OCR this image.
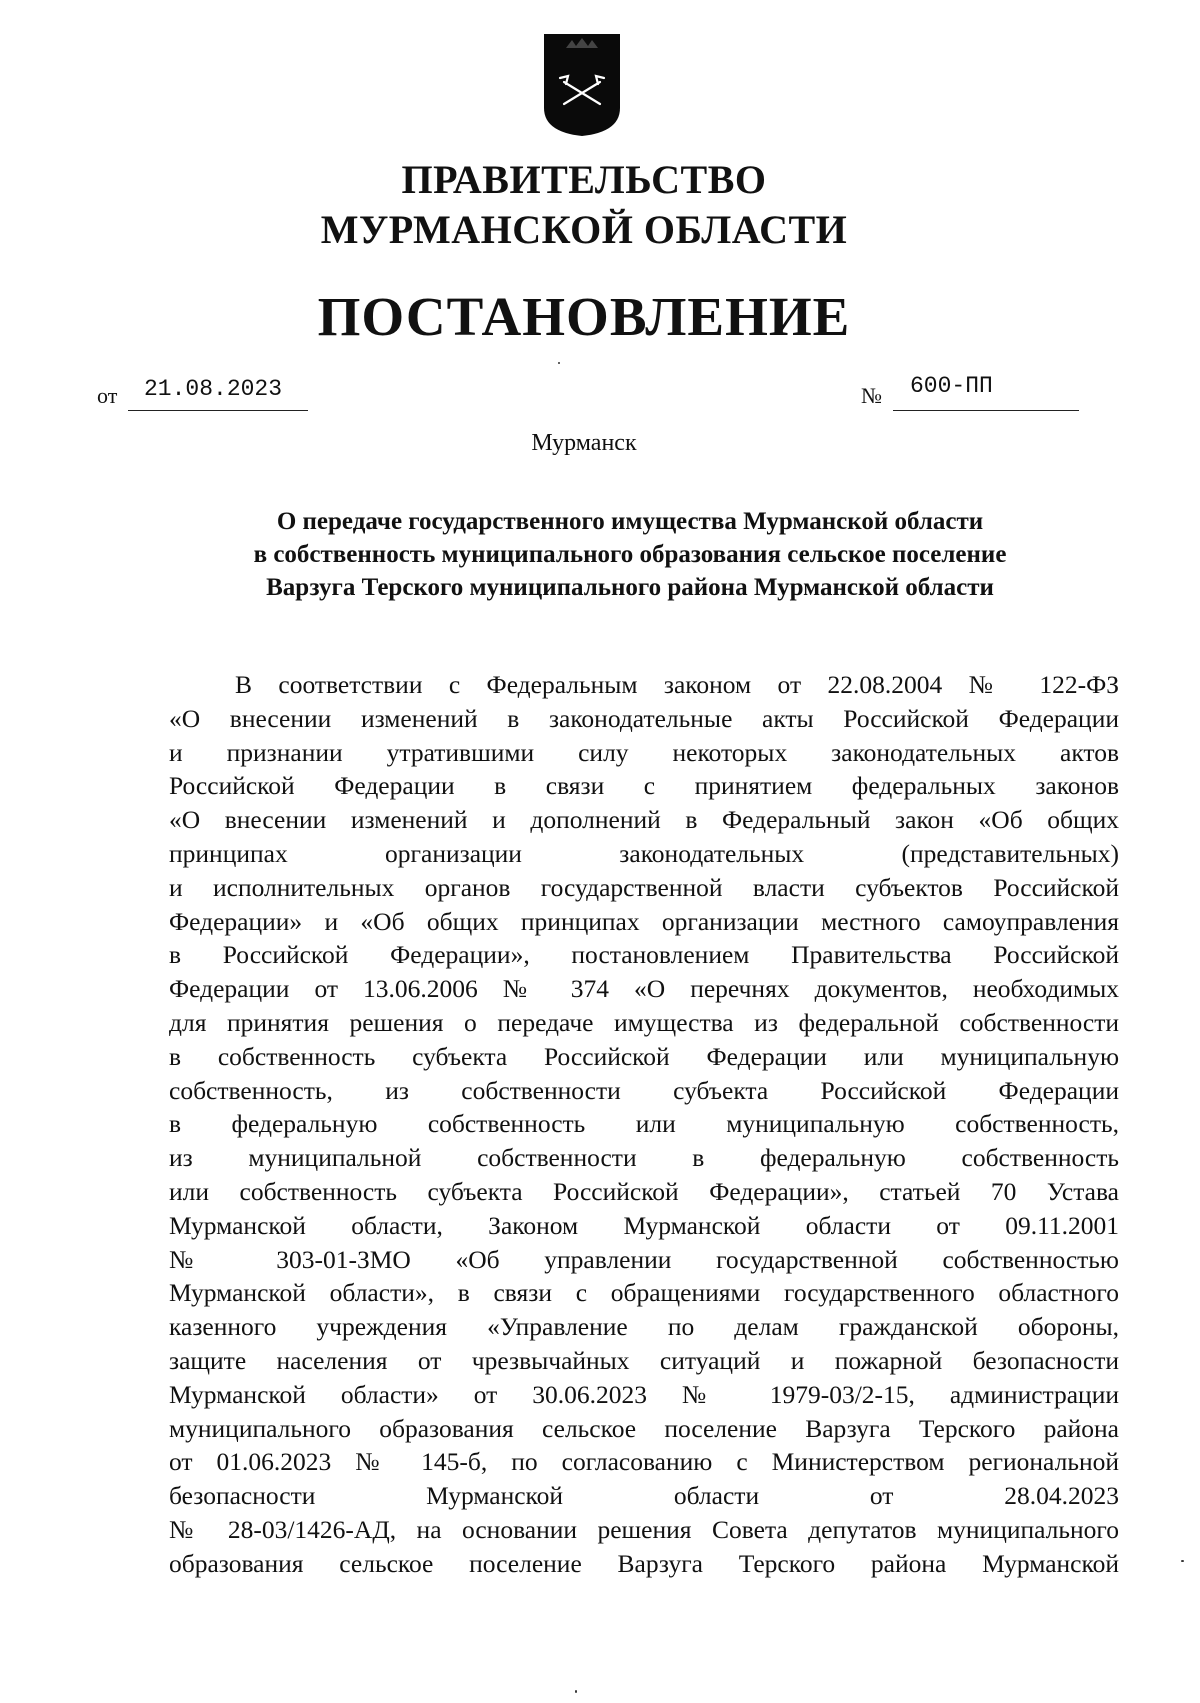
ПРАВИТЕЛЬСТВО
МУРМАНСКОЙ ОБЛАСТИ
ПОСТАНОВЛЕНИЕ
от 21.08.2023	№ 600-ПП
Мурманск
О передаче государственного имущества Мурманской области
в собственность муниципального образования сельское поселение
Варзуга Терского муниципального района Мурманской области
В соответствии с Федеральным законом от 22.08.2004 № 122-ФЗ
«О внесении изменений в законодательные акты Российской Федерации
и признании утратившими силу некоторых законодательных актов
Российской Федерации в связи с принятием федеральных законов
«О внесении изменений и дополнений в Федеральный закон «Об общих
принципах организации законодательных (представительных)
и исполнительных органов государственной власти субъектов Российской
Федерации» и «Об общих принципах организации местного самоуправления
в Российской Федерации», постановлением Правительства Российской
Федерации от 13.06.2006 № 374 «О перечнях документов, необходимых
для принятия решения о передаче имущества из федеральной собственности
в собственность субъекта Российской Федерации или муниципальную
собственность, из собственности субъекта Российской Федерации
в федеральную собственность или муниципальную собственность,
из муниципальной собственности в федеральную собственность
или собственность субъекта Российской Федерации», статьей 70 Устава
Мурманской области, Законом Мурманской области от 09.11.2001
№ 303-01-ЗМО «Об управлении государственной собственностью
Мурманской области», в связи с обращениями государственного областного
казенного учреждения «Управление по делам гражданской обороны,
защите населения от чрезвычайных ситуаций и пожарной безопасности
Мурманской области» от 30.06.2023 № 1979-03/2-15, администрации
муниципального образования сельское поселение Варзуга Терского района
от 01.06.2023 № 145-б, по согласованию с Министерством региональной
безопасности Мурманской области от 28.04.2023
№ 28-03/1426-АД, на основании решения Совета депутатов муниципального
образования сельское поселение Варзуга Терского района Мурманской
